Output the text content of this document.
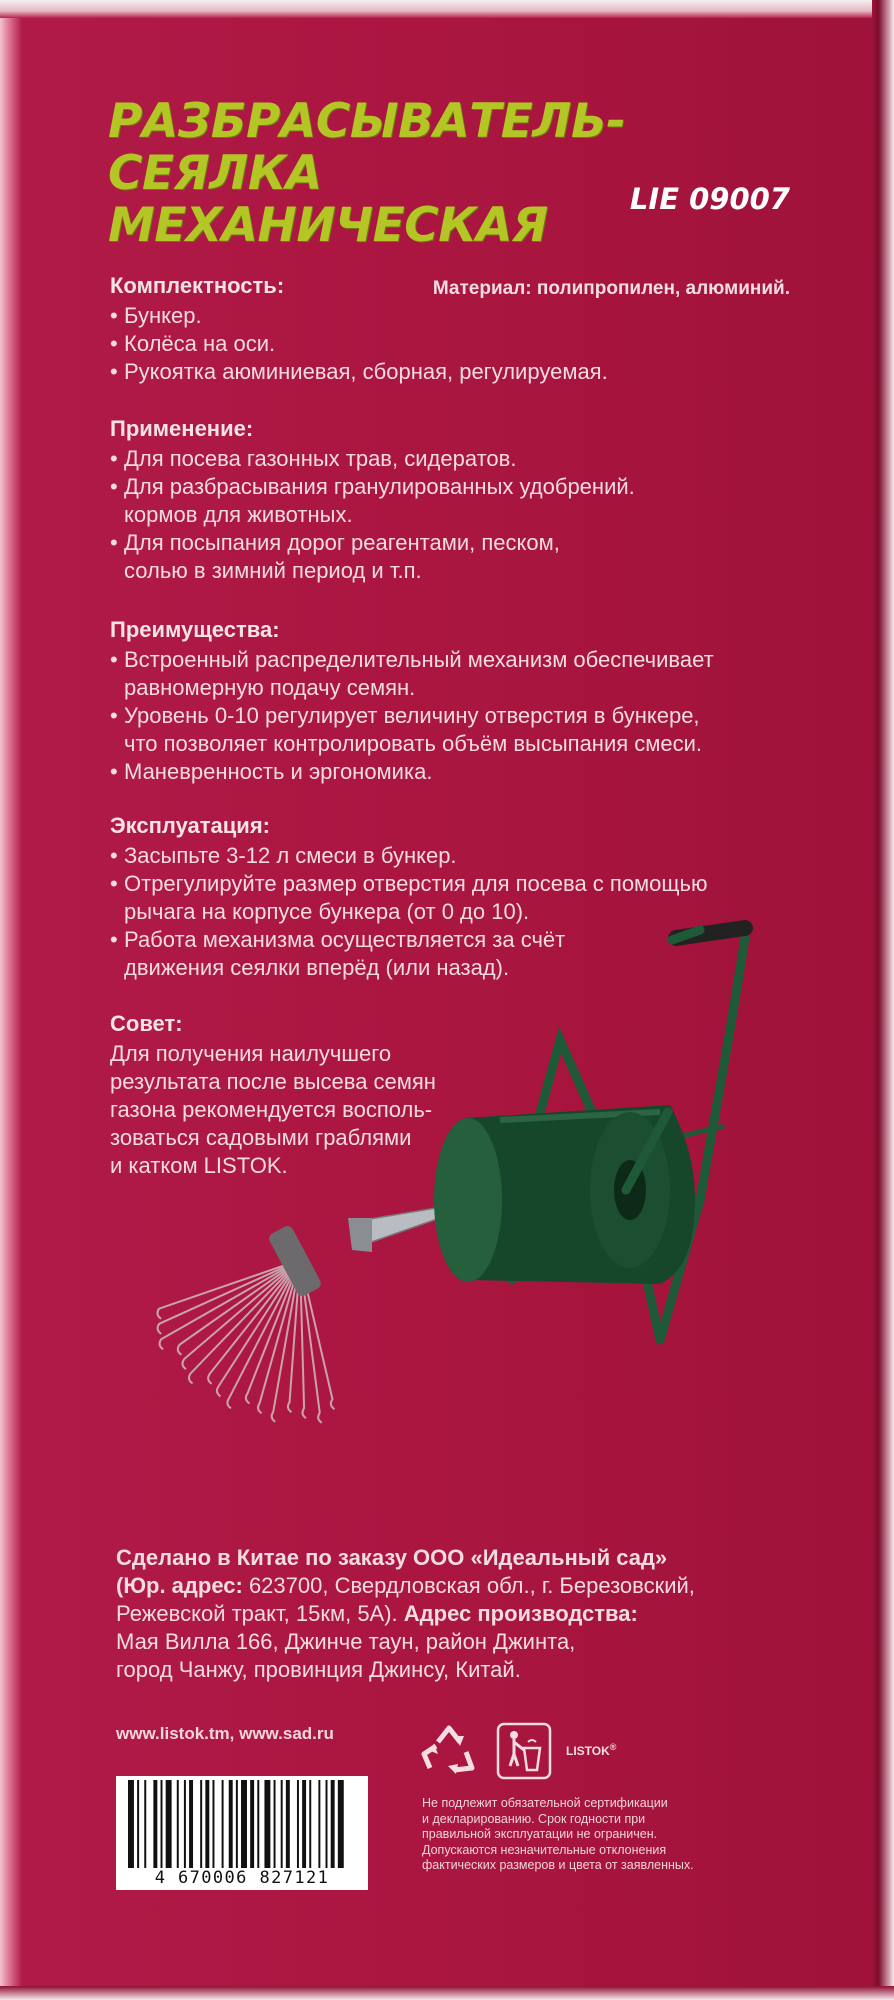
РАЗБРАСЫВАТЕЛЬ-СЕЯЛКА
МЕХАНИЧЕСКАЯ	LIE 09007
Материал: полипропилен, алюминий.
Комплектность:
• Бункер.
• Колёса на оси.
• Рукоятка аюминиевая, сборная, регулируемая.
Применение:
• Для посева газонных трав, сидератов.
• Для разбрасывания гранулированных удобрений.
кормов для животных.
• Для посыпания дорог реагентами, песком,
солью в зимний период и т.п.
Преимущества:
• Встроенный распределительный механизм обеспечивает
равномерную подачу семян.
• Уровень 0-10 регулирует величину отверстия в бункере,
что позволяет контролировать объём высыпания смеси.
• Маневренность и эргономика.
Эксплуатация:
• Засыпьте 3-12 л смеси в бункер.
• Отрегулируйте размер отверстия для посева с помощью
рычага на корпусе бункера (от 0 до 10).
• Работа механизма осуществляется за счёт
движения сеялки вперёд (или назад).
Совет:
Для получения наилучшего
результата после высева семян
газона рекомендуется восполь-
зоваться садовыми граблями
и катком LISTOK.
Сделано в Китае по заказу ООО «Идеальный сад»
(Юр. адрес: 623700, Свердловская обл., г. Березовский,
Режевской тракт, 15км, 5А). Адрес производства:
Мая Вилла 166, Джинче таун, район Джинта,
город Чанжу, провинция Джинсу, Китай.
www.listok.tm, www.sad.ru
4 670006 827121
LISTOK®
Не подлежит обязательной сертификации
и декларированию. Срок годности при
правильной эксплуатации не ограничен.
Допускаются незначительные отклонения
фактических размеров и цвета от заявленных.
